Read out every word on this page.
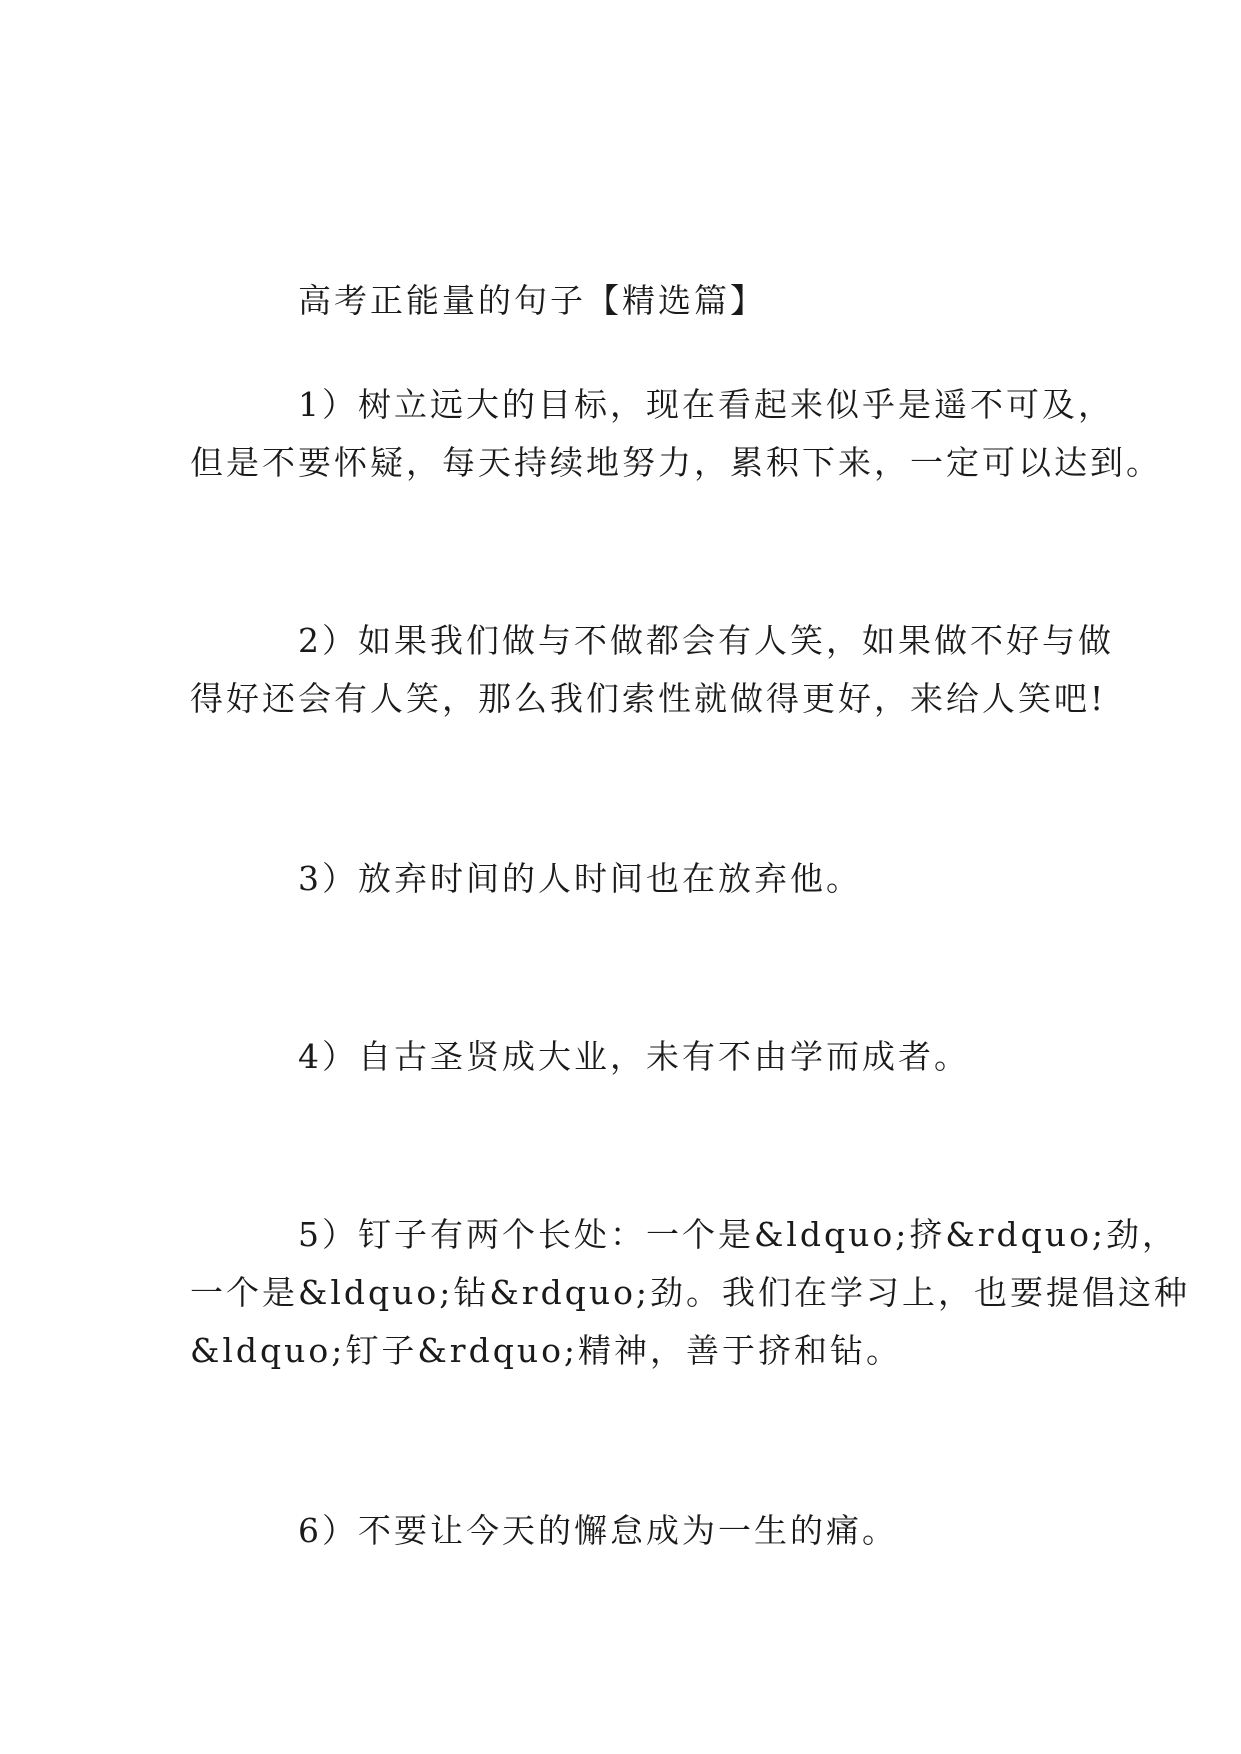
高考正能量的句子【精选篇】
1）树立远大的目标，现在看起来似乎是遥不可及，
但是不要怀疑，每天持续地努力，累积下来，一定可以达到。
2）如果我们做与不做都会有人笑，如果做不好与做
得好还会有人笑，那么我们索性就做得更好，来给人笑吧!
3）放弃时间的人时间也在放弃他。
4）自古圣贤成大业，未有不由学而成者。
5）钉子有两个长处：一个是&ldquo;挤&rdquo;劲，
一个是&ldquo;钻&rdquo;劲。我们在学习上，也要提倡这种
&ldquo;钉子&rdquo;精神，善于挤和钻。
6）不要让今天的懈怠成为一生的痛。
